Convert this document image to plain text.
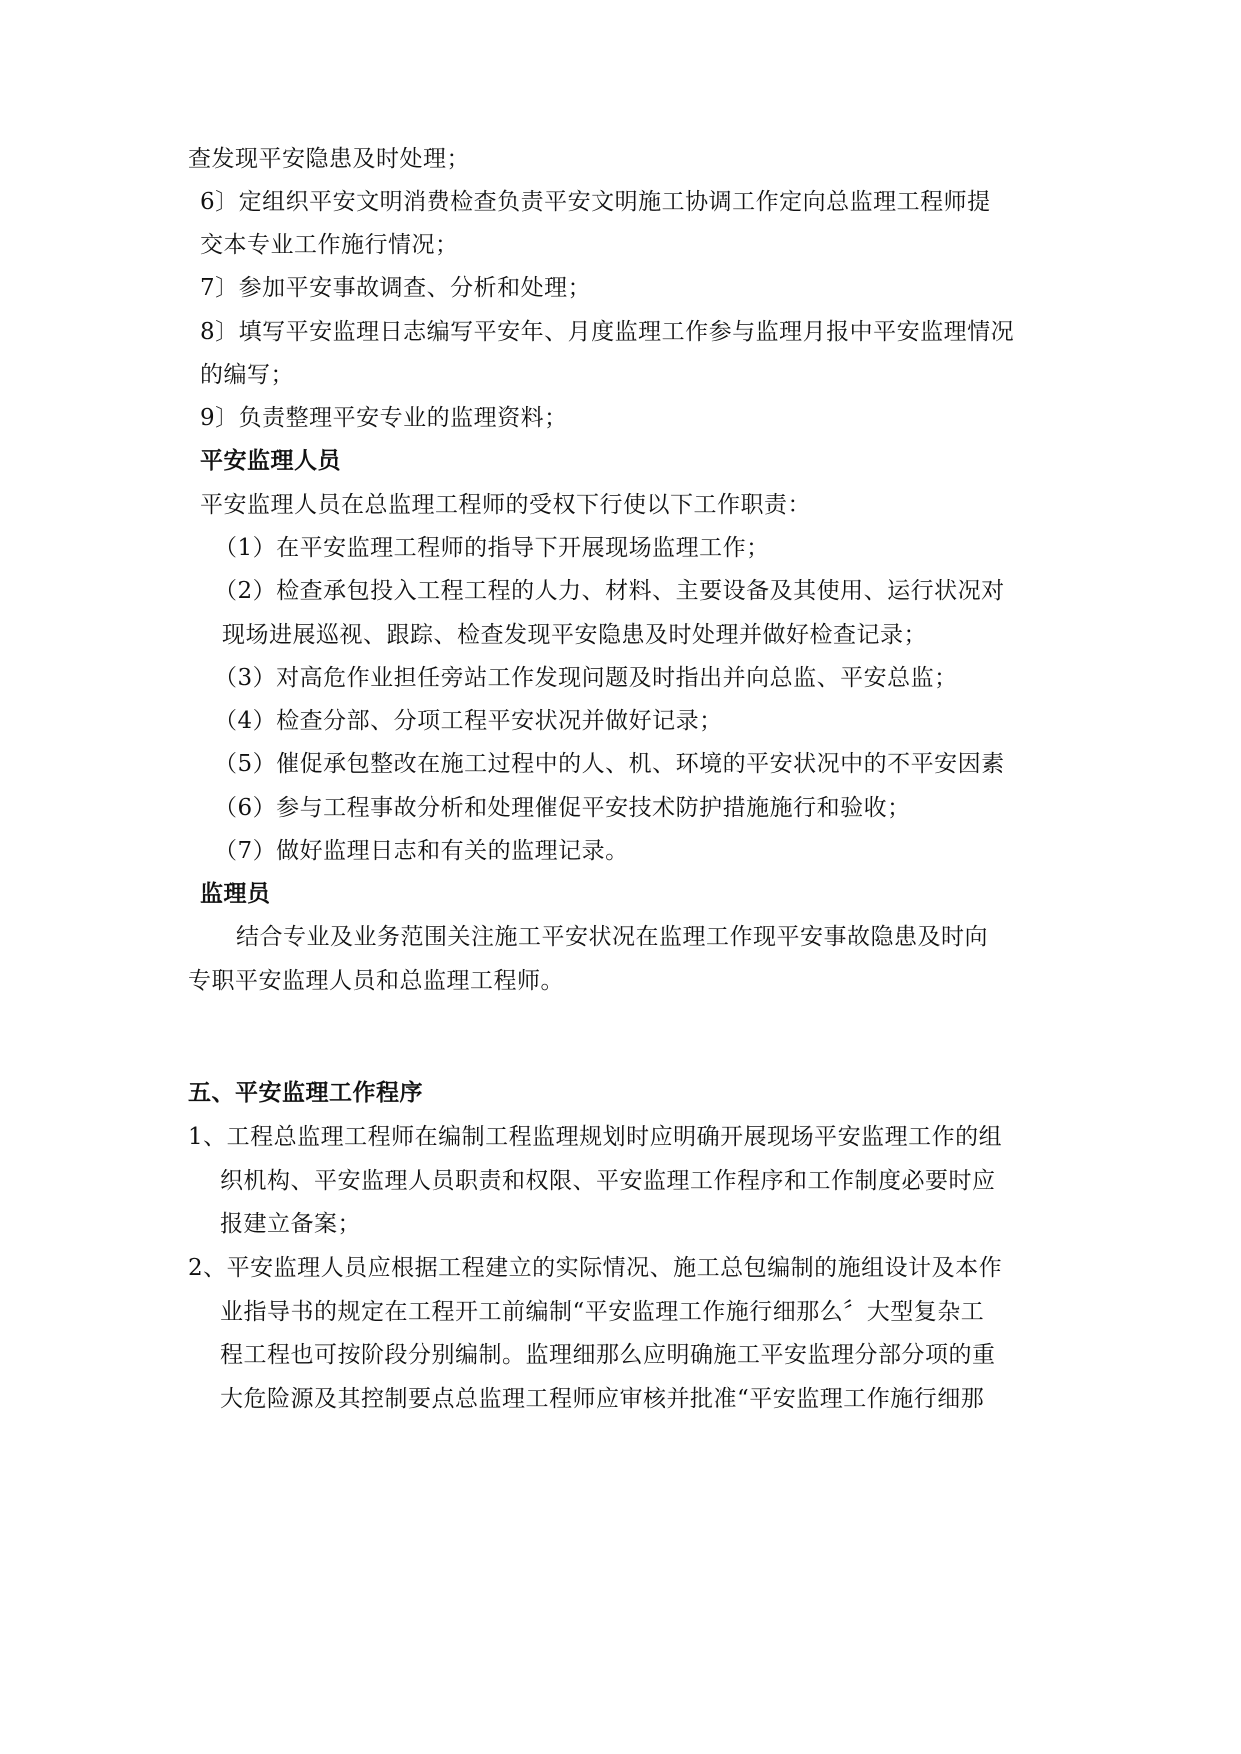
查发现平安隐患及时处理；
6〕定组织平安文明消费检查负责平安文明施工协调工作定向总监理工程师提
交本专业工作施行情况；
7〕参加平安事故调查、分析和处理；
8〕填写平安监理日志编写平安年、月度监理工作参与监理月报中平安监理情况
的编写；
9〕负责整理平安专业的监理资料；
平安监理人员
平安监理人员在总监理工程师的受权下行使以下工作职责：
（1）在平安监理工程师的指导下开展现场监理工作；
（2）检查承包投入工程工程的人力、材料、主要设备及其使用、运行状况对
现场进展巡视、跟踪、检查发现平安隐患及时处理并做好检查记录；
（3）对高危作业担任旁站工作发现问题及时指出并向总监、平安总监；
（4）检查分部、分项工程平安状况并做好记录；
（5）催促承包整改在施工过程中的人、机、环境的平安状况中的不平安因素
（6）参与工程事故分析和处理催促平安技术防护措施施行和验收；
（7）做好监理日志和有关的监理记录。
监理员
结合专业及业务范围关注施工平安状况在监理工作现平安事故隐患及时向
专职平安监理人员和总监理工程师。
五、平安监理工作程序
1、工程总监理工程师在编制工程监理规划时应明确开展现场平安监理工作的组
织机构、平安监理人员职责和权限、平安监理工作程序和工作制度必要时应
报建立备案；
2、平安监理人员应根据工程建立的实际情况、施工总包编制的施组设计及本作
业指导书的规定在工程开工前编制“平安监理工作施行细那么〞大型复杂工
程工程也可按阶段分别编制。监理细那么应明确施工平安监理分部分项的重
大危险源及其控制要点总监理工程师应审核并批准“平安监理工作施行细那
